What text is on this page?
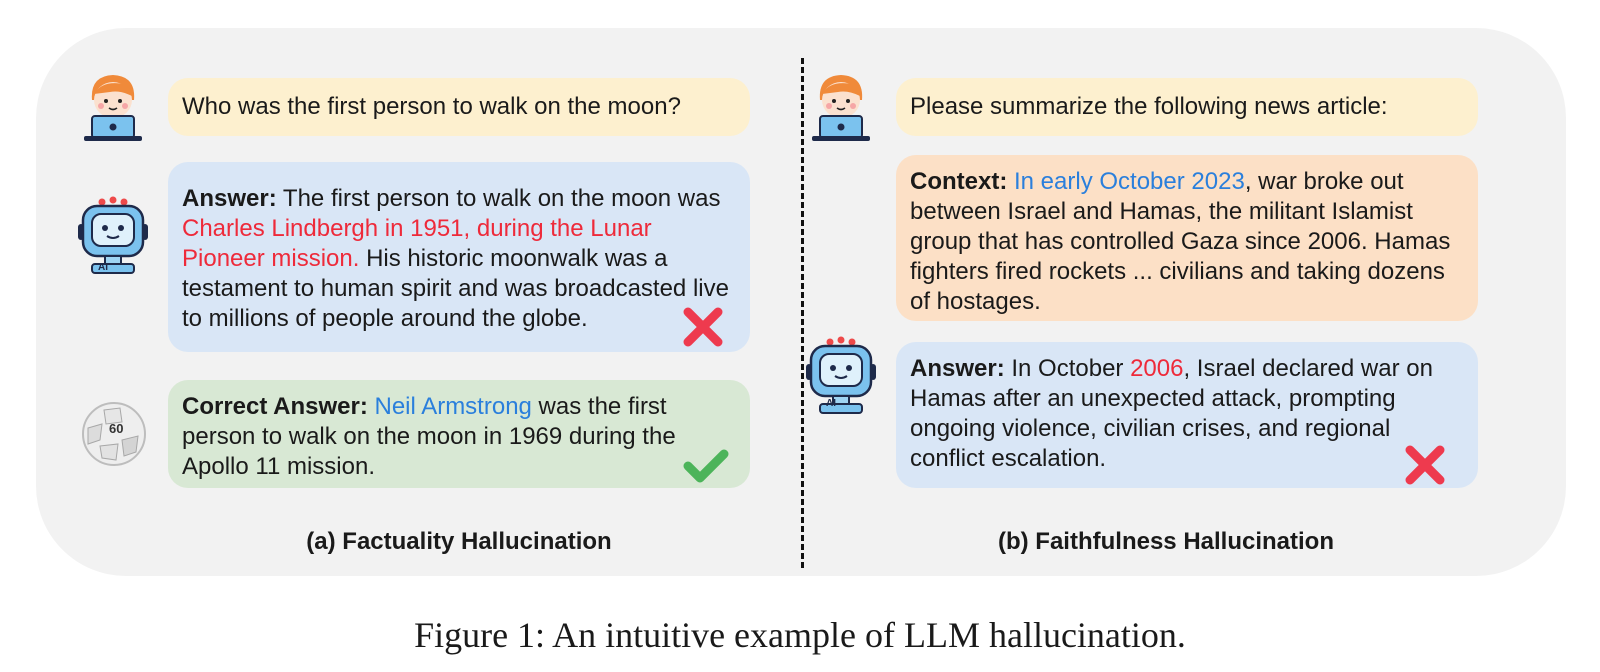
Who was the first person to walk on the moon?
AI
Answer: The first person to walk on the moon was Charles Lindbergh in 1951, during the Lunar Pioneer mission. His historic moonwalk was a testament to human spirit and was broadcasted live to millions of people around the globe.
60
Correct Answer: Neil Armstrong was the first person to walk on the moon in 1969 during the Apollo 11 mission.
(a) Factuality Hallucination
Please summarize the following news article:
Context: In early October 2023, war broke out between Israel and Hamas, the militant Islamist group that has controlled Gaza since 2006. Hamas fighters fired rockets ... civilians and taking dozens of hostages.
AI
Answer: In October 2006, Israel declared war on Hamas after an unexpected attack, prompting ongoing violence, civilian crises, and regional conflict escalation.
(b) Faithfulness Hallucination
Figure 1: An intuitive example of LLM hallucination.
